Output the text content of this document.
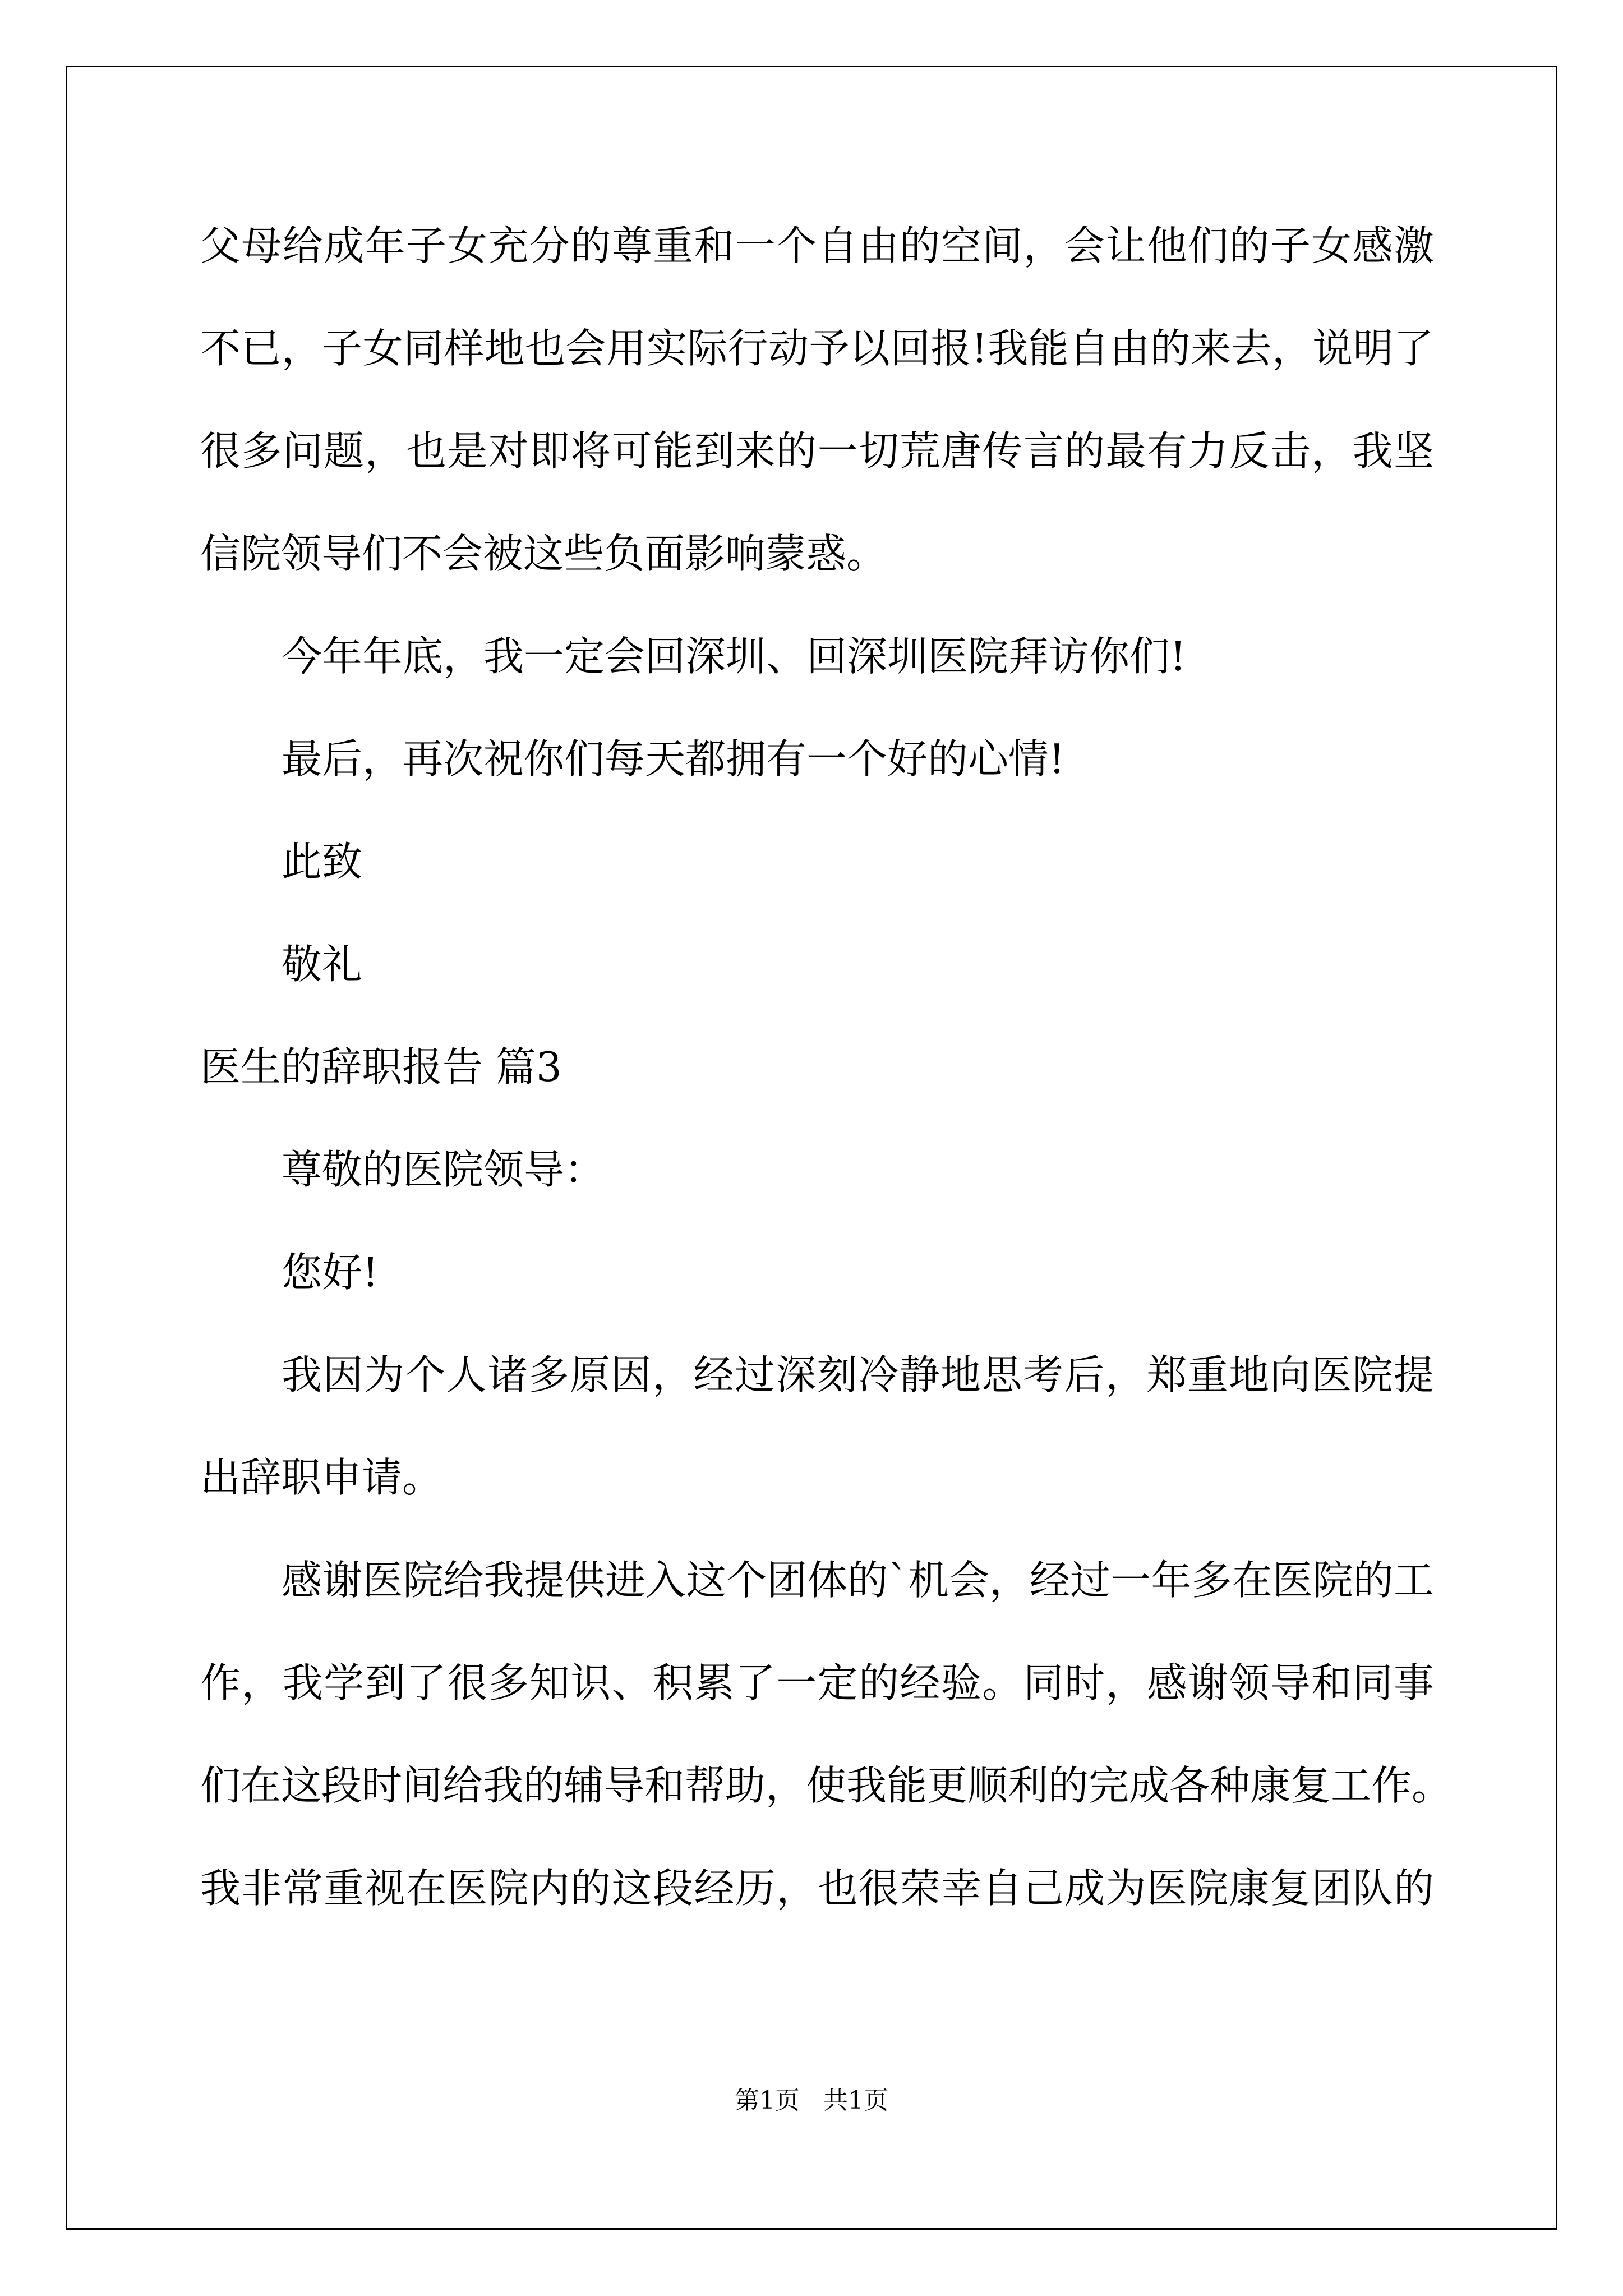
父母给成年子女充分的尊重和一个自由的空间，会让他们的子女感激
不已，子女同样地也会用实际行动予以回报!我能自由的来去，说明了
很多问题，也是对即将可能到来的一切荒唐传言的最有力反击，我坚
信院领导们不会被这些负面影响蒙惑。
今年年底，我一定会回深圳、回深圳医院拜访你们!
最后，再次祝你们每天都拥有一个好的心情!
此致
敬礼
医生的辞职报告 篇3
尊敬的医院领导：
您好!
我因为个人诸多原因，经过深刻冷静地思考后，郑重地向医院提
出辞职申请。
感谢医院给我提供进入这个团体的`机会，经过一年多在医院的工
作，我学到了很多知识、积累了一定的经验。同时，感谢领导和同事
们在这段时间给我的辅导和帮助，使我能更顺利的完成各种康复工作。
我非常重视在医院内的这段经历，也很荣幸自己成为医院康复团队的
第1页   共1页
